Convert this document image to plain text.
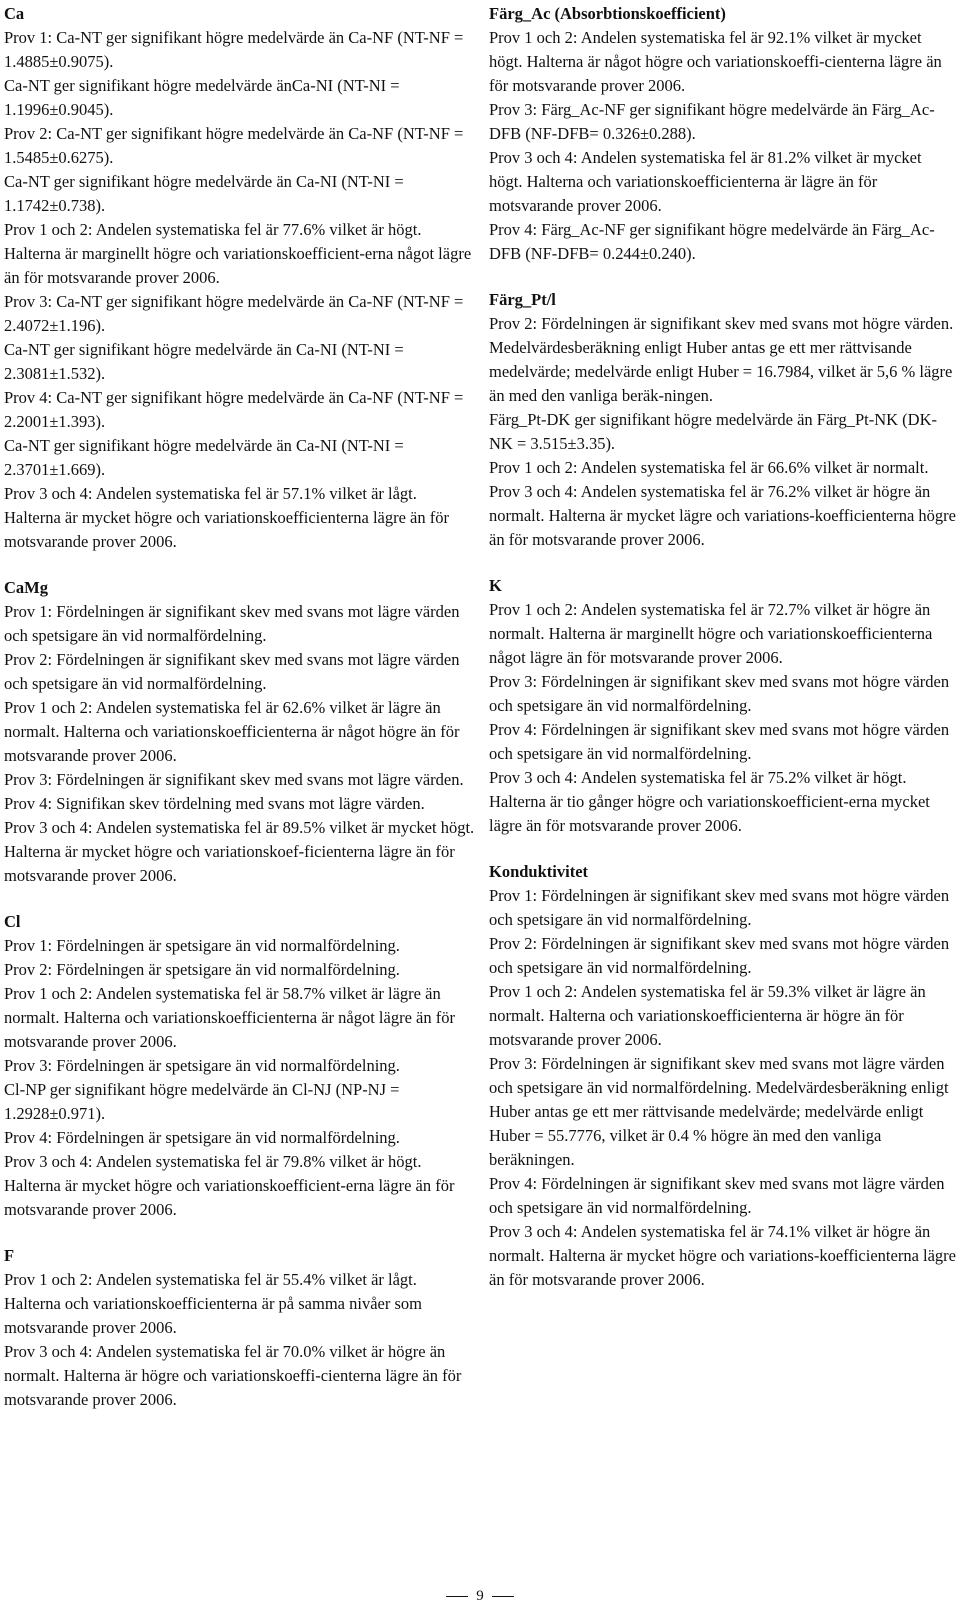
Ca

Prov 1: Ca-NT ger signifikant högre medelvärde än Ca-NF (NT-NF = 1.4885±0.9075).

Ca-NT ger signifikant högre medelvärde änCa-NI (NT-NI = 1.1996±0.9045).

Prov 2: Ca-NT ger signifikant högre medelvärde än Ca-NF (NT-NF = 1.5485±0.6275).

Ca-NT ger signifikant högre medelvärde än Ca-NI (NT-NI = 1.1742±0.738).

Prov 1 och 2: Andelen systematiska fel är 77.6% vilket är högt. Halterna är marginellt högre och variationskoefficient-erna något lägre än för motsvarande prover 2006.

Prov 3: Ca-NT ger signifikant högre medelvärde än Ca-NF (NT-NF = 2.4072±1.196).

Ca-NT ger signifikant högre medelvärde än Ca-NI (NT-NI = 2.3081±1.532).

Prov 4: Ca-NT ger signifikant högre medelvärde än Ca-NF (NT-NF = 2.2001±1.393).

Ca-NT ger signifikant högre medelvärde än Ca-NI (NT-NI = 2.3701±1.669).

Prov 3 och 4: Andelen systematiska fel är 57.1% vilket är lågt. Halterna är mycket högre och variationskoefficienterna lägre än för motsvarande prover 2006.

CaMg

Prov 1: Fördelningen är signifikant skev med svans mot lägre värden och spetsigare än vid normalfördelning.

Prov 2: Fördelningen är signifikant skev med svans mot lägre värden och spetsigare än vid normalfördelning.

Prov 1 och 2: Andelen systematiska fel är 62.6% vilket är lägre än normalt. Halterna och variationskoefficienterna är något högre än för motsvarande prover 2006.

Prov 3: Fördelningen är signifikant skev med svans mot lägre värden.

Prov 4: Signifikan skev tördelning med svans mot lägre värden.

Prov 3 och 4: Andelen systematiska fel är 89.5% vilket är mycket högt. Halterna är mycket högre och variationskoef-ficienterna lägre än för motsvarande prover 2006.

Cl

Prov 1: Fördelningen är spetsigare än vid normalfördelning.

Prov 2: Fördelningen är spetsigare än vid normalfördelning.

Prov 1 och 2: Andelen systematiska fel är 58.7% vilket är lägre än normalt. Halterna och variationskoefficienterna är något lägre än för motsvarande prover 2006.

Prov 3: Fördelningen är spetsigare än vid normalfördelning.

Cl-NP ger signifikant högre medelvärde än Cl-NJ (NP-NJ = 1.2928±0.971).

Prov 4: Fördelningen är spetsigare än vid normalfördelning.

Prov 3 och 4: Andelen systematiska fel är 79.8% vilket är högt. Halterna är mycket högre och variationskoefficient-erna lägre än för motsvarande prover 2006.

F

Prov 1 och 2: Andelen systematiska fel är 55.4% vilket är lågt. Halterna och variationskoefficienterna är på samma nivåer som motsvarande prover 2006.

Prov 3 och 4: Andelen systematiska fel är 70.0% vilket är högre än normalt. Halterna är högre och variationskoeffi-cienterna lägre än för motsvarande prover 2006.

Färg_Ac (Absorbtionskoefficient)

Prov 1 och 2: Andelen systematiska fel är 92.1% vilket är mycket högt. Halterna är något högre och variationskoeffi-cienterna lägre än för motsvarande prover 2006.

Prov 3: Färg_Ac-NF ger signifikant högre medelvärde än Färg_Ac-DFB (NF-DFB= 0.326±0.288).

Prov 3 och 4: Andelen systematiska fel är 81.2% vilket är mycket högt. Halterna och variationskoefficienterna är lägre än för motsvarande prover 2006.

Prov 4: Färg_Ac-NF ger signifikant högre medelvärde än Färg_Ac-DFB (NF-DFB= 0.244±0.240).

Färg_Pt/l

Prov 2: Fördelningen är signifikant skev med svans mot högre värden. Medelvärdesberäkning enligt Huber antas ge ett mer rättvisande medelvärde; medelvärde enligt Huber = 16.7984, vilket är 5,6 % lägre än med den vanliga beräk-ningen.

Färg_Pt-DK ger signifikant högre medelvärde än Färg_Pt-NK (DK-NK = 3.515±3.35).

Prov 1 och 2: Andelen systematiska fel är 66.6% vilket är normalt.

Prov 3 och 4: Andelen systematiska fel är 76.2% vilket är högre än normalt. Halterna är mycket lägre och variations-koefficienterna högre än för motsvarande prover 2006.

K

Prov 1 och 2: Andelen systematiska fel är 72.7% vilket är högre än normalt. Halterna är marginellt högre och variationskoefficienterna något lägre än för motsvarande prover 2006.

Prov 3: Fördelningen är signifikant skev med svans mot högre värden och spetsigare än vid normalfördelning.

Prov 4: Fördelningen är signifikant skev med svans mot högre värden och spetsigare än vid normalfördelning.

Prov 3 och 4: Andelen systematiska fel är 75.2% vilket är högt. Halterna är tio gånger högre och variationskoefficient-erna mycket lägre än för motsvarande prover 2006.

Konduktivitet

Prov 1: Fördelningen är signifikant skev med svans mot högre värden och spetsigare än vid normalfördelning.

Prov 2: Fördelningen är signifikant skev med svans mot högre värden och spetsigare än vid normalfördelning.

Prov 1 och 2: Andelen systematiska fel är 59.3% vilket är lägre än normalt. Halterna och variationskoefficienterna är högre än för motsvarande prover 2006.

Prov 3: Fördelningen är signifikant skev med svans mot lägre värden och spetsigare än vid normalfördelning. Medelvärdesberäkning enligt Huber antas ge ett mer rättvisande medelvärde; medelvärde enligt Huber = 55.7776, vilket är 0.4 % högre än med den vanliga beräkningen.

Prov 4: Fördelningen är signifikant skev med svans mot lägre värden och spetsigare än vid normalfördelning.

Prov 3 och 4: Andelen systematiska fel är 74.1% vilket är högre än normalt. Halterna är mycket högre och variations-koefficienterna lägre än för motsvarande prover 2006.

9
